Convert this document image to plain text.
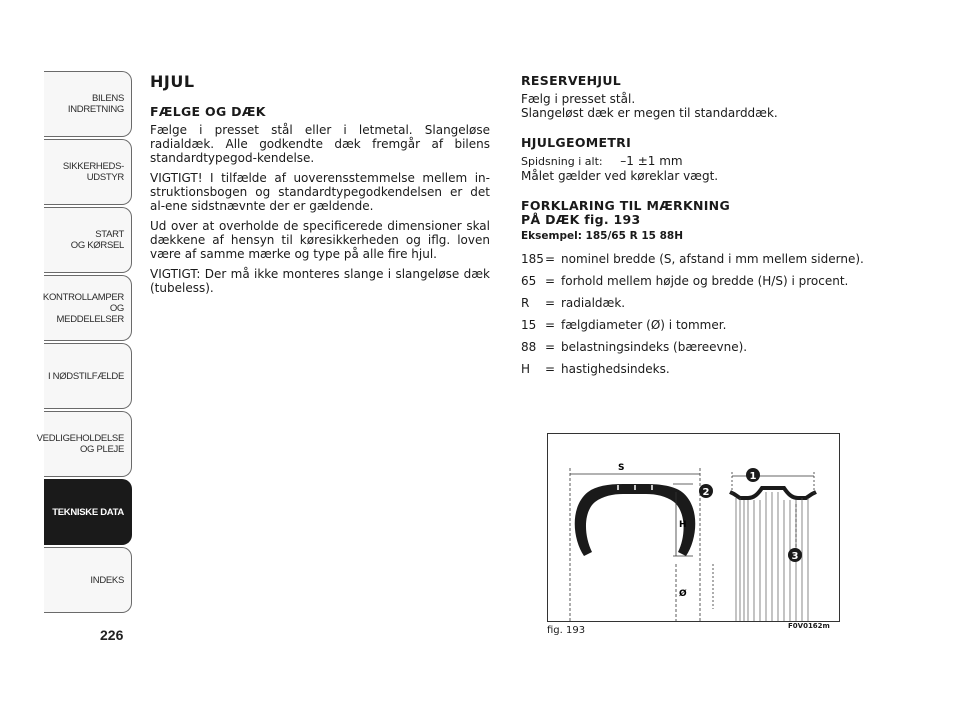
BILENS
INDRETNING
SIKKERHEDS-
UDSTYR
START
OG KØRSEL
KONTROLLAMPER
OG MEDDELELSER
I NØDSTILFÆLDE
VEDLIGEHOLDELSE
OG PLEJE
TEKNISKE DATA
INDEKS
226
HJUL
FÆLGE OG DÆK

Fælge i presset stål eller i letmetal. Slangeløse radialdæk. Alle godkendte dæk fremgår af bilens standardtypegod-kendelse.

VIGTIGT! I tilfælde af uoverensstemmelse mellem in-struktionsbogen og standardtypegodkendelsen er det al-ene sidstnævnte der er gældende.

Ud over at overholde de specificerede dimensioner skal dækkene af hensyn til køresikkerheden og iflg. loven være af samme mærke og type på alle fire hjul.

VIGTIGT: Der må ikke monteres slange i slangeløse dæk (tubeless).

RESERVEHJUL
Fælg i presset stål.
Slangeløst dæk er megen til standarddæk.
HJULGEOMETRI
Spidsning i alt: –1 ±1 mm
Målet gælder ved køreklar vægt.
FORKLARING TIL MÆRKNING
PÅ DÆK fig. 193
Eksempel: 185/65 R 15 88H
185 = nominel bredde (S, afstand i mm mellem siderne).
65 = forhold mellem højde og bredde (H/S) i procent.
R	= radialdæk.
15 = fælgdiameter (Ø) i tommer.
88 = belastningsindeks (bæreevne).
H	= hastighedsindeks.
S
H
Ø
1
2
3
fig. 193	F0V0162m
